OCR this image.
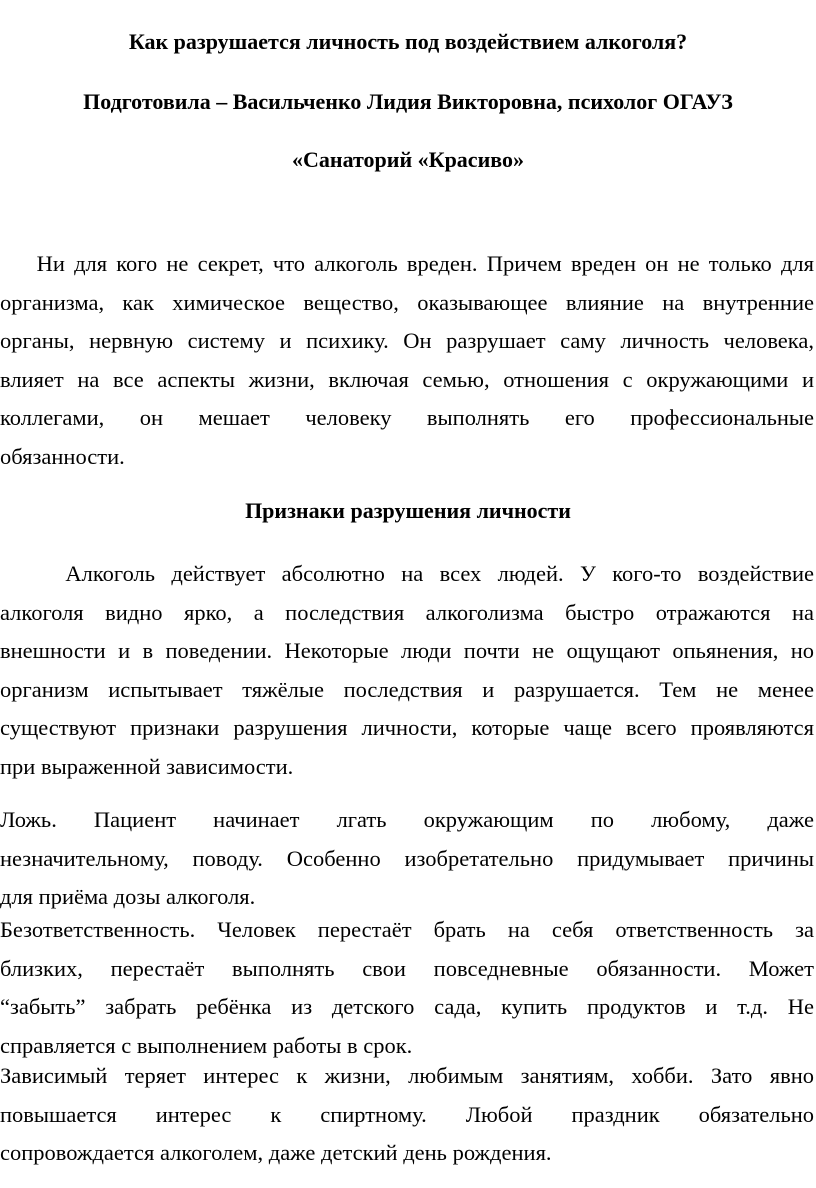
Как разрушается личность под воздействием алкоголя?
Подготовила – Васильченко Лидия Викторовна, психолог ОГАУЗ
«Санаторий «Красиво»
Ни для кого не секрет, что алкоголь вреден. Причем вреден он не только для
организма, как химическое вещество, оказывающее влияние на внутренние
органы, нервную систему и психику. Он разрушает саму личность человека,
влияет на все аспекты жизни, включая семью, отношения с окружающими и
коллегами, он мешает человеку выполнять его профессиональные
обязанности.
Признаки разрушения личности
Алкоголь действует абсолютно на всех людей. У кого-то воздействие
алкоголя видно ярко, а последствия алкоголизма быстро отражаются на
внешности и в поведении. Некоторые люди почти не ощущают опьянения, но
организм испытывает тяжёлые последствия и разрушается. Тем не менее
существуют признаки разрушения личности, которые чаще всего проявляются
при выраженной зависимости.
Ложь. Пациент начинает лгать окружающим по любому, даже
незначительному, поводу. Особенно изобретательно придумывает причины
для приёма дозы алкоголя.
Безответственность. Человек перестаёт брать на себя ответственность за
близких, перестаёт выполнять свои повседневные обязанности. Может
“забыть” забрать ребёнка из детского сада, купить продуктов и т.д. Не
справляется с выполнением работы в срок.
Зависимый теряет интерес к жизни, любимым занятиям, хобби. Зато явно
повышается интерес к спиртному. Любой праздник обязательно
сопровождается алкоголем, даже детский день рождения.
